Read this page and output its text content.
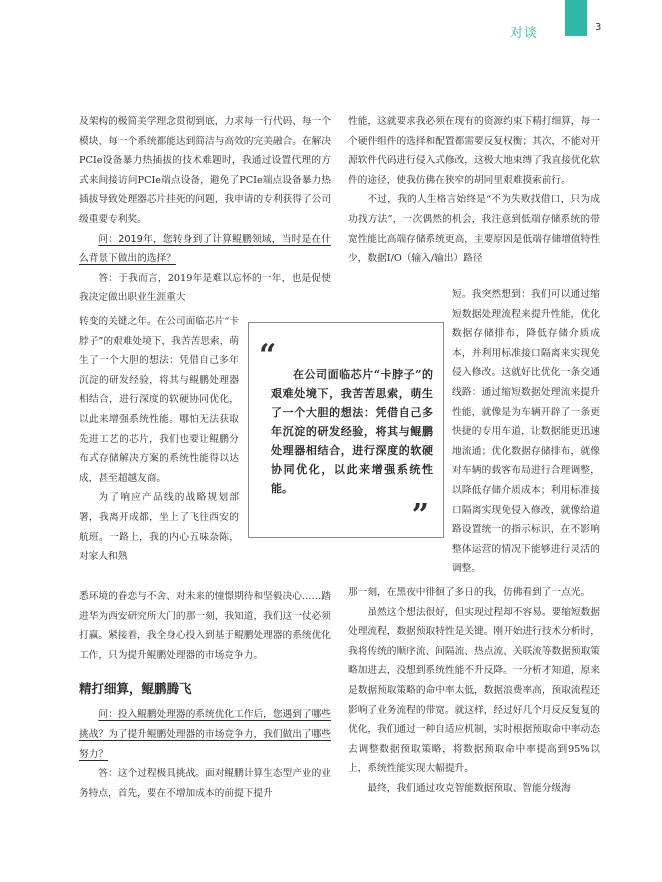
对谈	3

及架构的极简美学理念贯彻到底，力求每一行代码、每一个模块、每一个系统都能达到简洁与高效的完美融合。在解决PCIe设备暴力热插拔的技术难题时，我通过设置代理的方式来间接访问PCIe端点设备，避免了PCIe端点设备暴力热插拔导致处理器芯片挂死的问题，我申请的专利获得了公司级重要专利奖。

问：2019年，您转身到了计算鲲鹏领域，当时是在什么背景下做出的选择？

答：于我而言，2019年是难以忘怀的一年，也是促使我决定做出职业生涯重大

转变的关键之年。在公司面临芯片“卡脖子”的艰难处境下，我苦苦思索，萌生了一个大胆的想法：凭借自己多年沉淀的研发经验，将其与鲲鹏处理器相结合，进行深度的软硬协同优化，以此来增强系统性能。哪怕无法获取先进工艺的芯片，我们也要让鲲鹏分布式存储解决方案的系统性能得以达成，甚至超越友商。

为了响应产品线的战略规划部署，我离开成都，坐上了飞往西安的航班。一路上，我的内心五味杂陈，对家人和熟

悉环境的眷恋与不舍、对未来的憧憬期待和坚毅决心……踏进华为西安研究所大门的那一刻，我知道，我们这一仗必须打赢。紧接着，我全身心投入到基于鲲鹏处理器的系统优化工作，只为提升鲲鹏处理器的市场竞争力。

精打细算，鲲鹏腾飞

问：投入鲲鹏处理器的系统优化工作后，您遇到了哪些挑战？为了提升鲲鹏处理器的市场竞争力，我们做出了哪些努力？

答：这个过程极具挑战。面对鲲鹏计算生态型产业的业务特点，首先，要在不增加成本的前提下提升

“
在公司面临芯片“卡脖子”的艰难处境下，我苦苦思索，萌生了一个大胆的想法：凭借自己多年沉淀的研发经验，将其与鲲鹏处理器相结合，进行深度的软硬协同优化，以此来增强系统性能。
”

性能，这就要求我必须在现有的资源约束下精打细算，每一个硬件组件的选择和配置都需要反复权衡；其次，不能对开源软件代码进行侵入式修改，这极大地束缚了我直接优化软件的途径，使我仿佛在狭窄的胡同里艰难摸索前行。

不过，我的人生格言始终是“不为失败找借口，只为成功找方法”，一次偶然的机会，我注意到低端存储系统的带宽性能比高端存储系统更高，主要原因是低端存储增值特性少，数据I/O（输入/输出）路径

短。我突然想到：我们可以通过缩短数据处理流程来提升性能，优化数据存储排布，降低存储介质成本，并利用标准接口隔离来实现免侵入修改。这就好比优化一条交通线路：通过缩短数据处理流来提升性能，就像是为车辆开辟了一条更快捷的专用车道，让数据能更迅速地流通；优化数据存储排布，就像对车辆的载客布局进行合理调整，以降低存储介质成本；利用标准接口隔离实现免侵入修改，就像给道路设置统一的指示标识，在不影响整体运营的情况下能够进行灵活的调整。

那一刻，在黑夜中徘徊了多日的我，仿佛看到了一点光。

虽然这个想法很好，但实现过程却不容易。要缩短数据处理流程，数据预取特性是关键。刚开始进行技术分析时，我将传统的顺序流、间隔流、热点流、关联流等数据预取策略加进去，没想到系统性能不升反降。一分析才知道，原来是数据预取策略的命中率太低，数据浪费率高，预取流程还影响了业务流程的带宽。就这样，经过好几个月反反复复的优化，我们通过一种自适应机制，实时根据预取命中率动态去调整数据预取策略，将数据预取命中率提高到95%以上，系统性能实现大幅提升。

最终，我们通过攻克智能数据预取、智能分级海
